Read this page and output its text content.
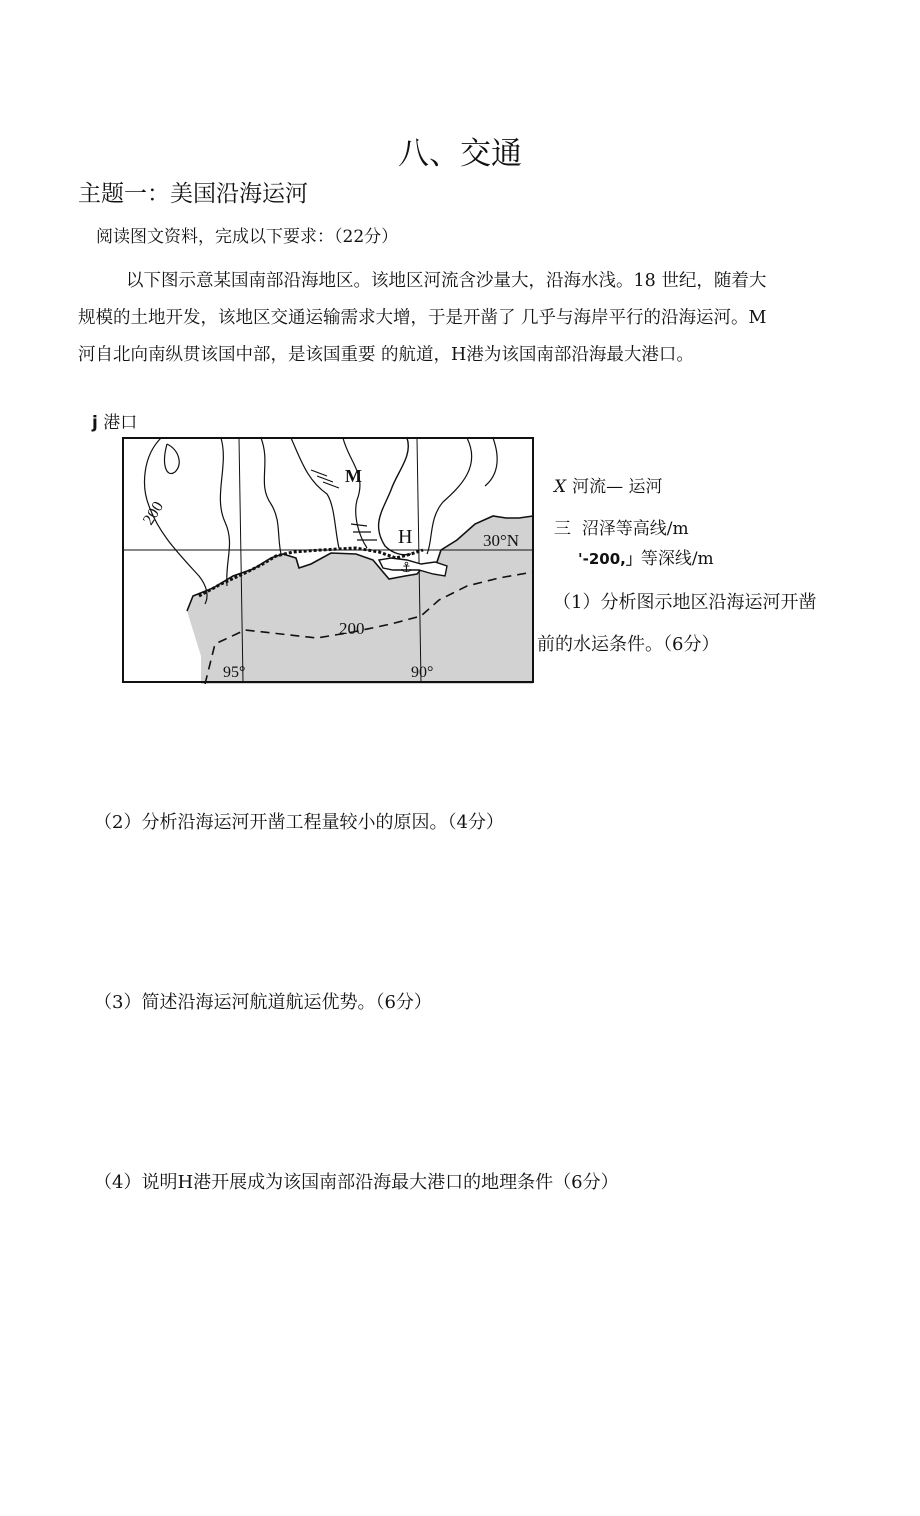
八、交通
主题一：美国沿海运河
阅读图文资料，完成以下要求：（22分）

以下图示意某国南部沿海地区。该地区河流含沙量大，沿海水浅。18 世纪，随着大

规模的土地开发，该地区交通运输需求大增，于是开凿了 几乎与海岸平行的沿海运河。M

河自北向南纵贯该国中部，是该国重要 的航道，H港为该国南部沿海最大港口。

j 港口
⚓
M
H	30°N
200
200
95°	90°
X 河流— 运河
三 沼泽等高线/m
'-200,」等深线/m
（1）分析图示地区沿海运河开凿
前的水运条件。（6分）
（2）分析沿海运河开凿工程量较小的原因。（4分）
（3）简述沿海运河航道航运优势。（6分）
（4）说明H港开展成为该国南部沿海最大港口的地理条件（6分）
